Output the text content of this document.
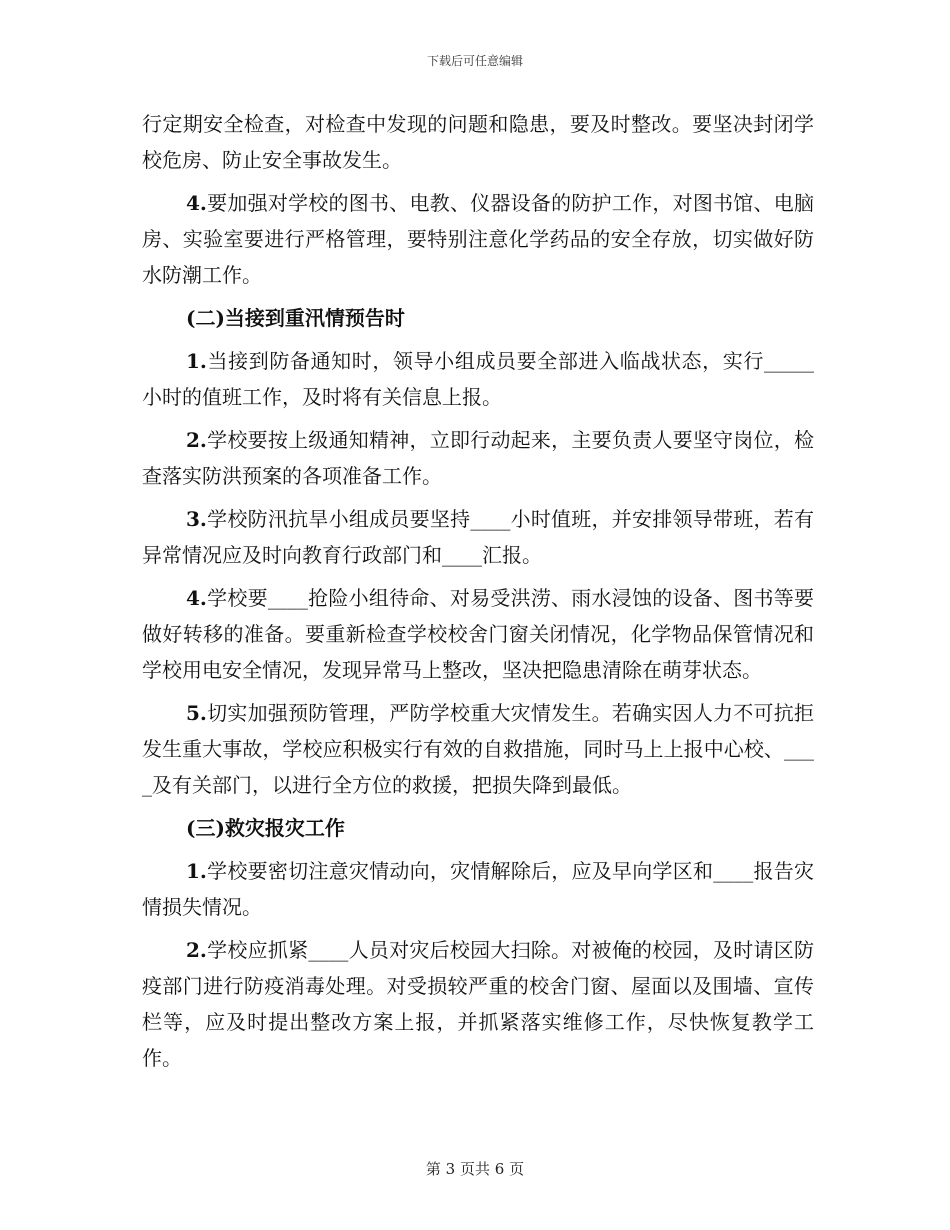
下载后可任意编辑

行定期安全检查，对检查中发现的问题和隐患，要及时整改。要坚决封闭学校危房、防止安全事故发生。

4.要加强对学校的图书、电教、仪器设备的防护工作，对图书馆、电脑房、实验室要进行严格管理，要特别注意化学药品的安全存放，切实做好防水防潮工作。

(二)当接到重汛情预告时

1.当接到防备通知时，领导小组成员要全部进入临战状态，实行_____小时的值班工作，及时将有关信息上报。

2.学校要按上级通知精神，立即行动起来，主要负责人要坚守岗位，检查落实防洪预案的各项准备工作。

3.学校防汛抗旱小组成员要坚持____小时值班，并安排领导带班，若有异常情况应及时向教育行政部门和____汇报。

4.学校要____抢险小组待命、对易受洪涝、雨水浸蚀的设备、图书等要做好转移的准备。要重新检查学校校舍门窗关闭情况，化学物品保管情况和学校用电安全情况，发现异常马上整改，坚决把隐患清除在萌芽状态。

5.切实加强预防管理，严防学校重大灾情发生。若确实因人力不可抗拒发生重大事故，学校应积极实行有效的自救措施，同时马上上报中心校、____及有关部门，以进行全方位的救援，把损失降到最低。

(三)救灾报灾工作

1.学校要密切注意灾情动向，灾情解除后，应及早向学区和____报告灾情损失情况。

2.学校应抓紧____人员对灾后校园大扫除。对被俺的校园，及时请区防疫部门进行防疫消毒处理。对受损较严重的校舍门窗、屋面以及围墙、宣传栏等，应及时提出整改方案上报，并抓紧落实维修工作，尽快恢复教学工作。

第 3 页共 6 页
